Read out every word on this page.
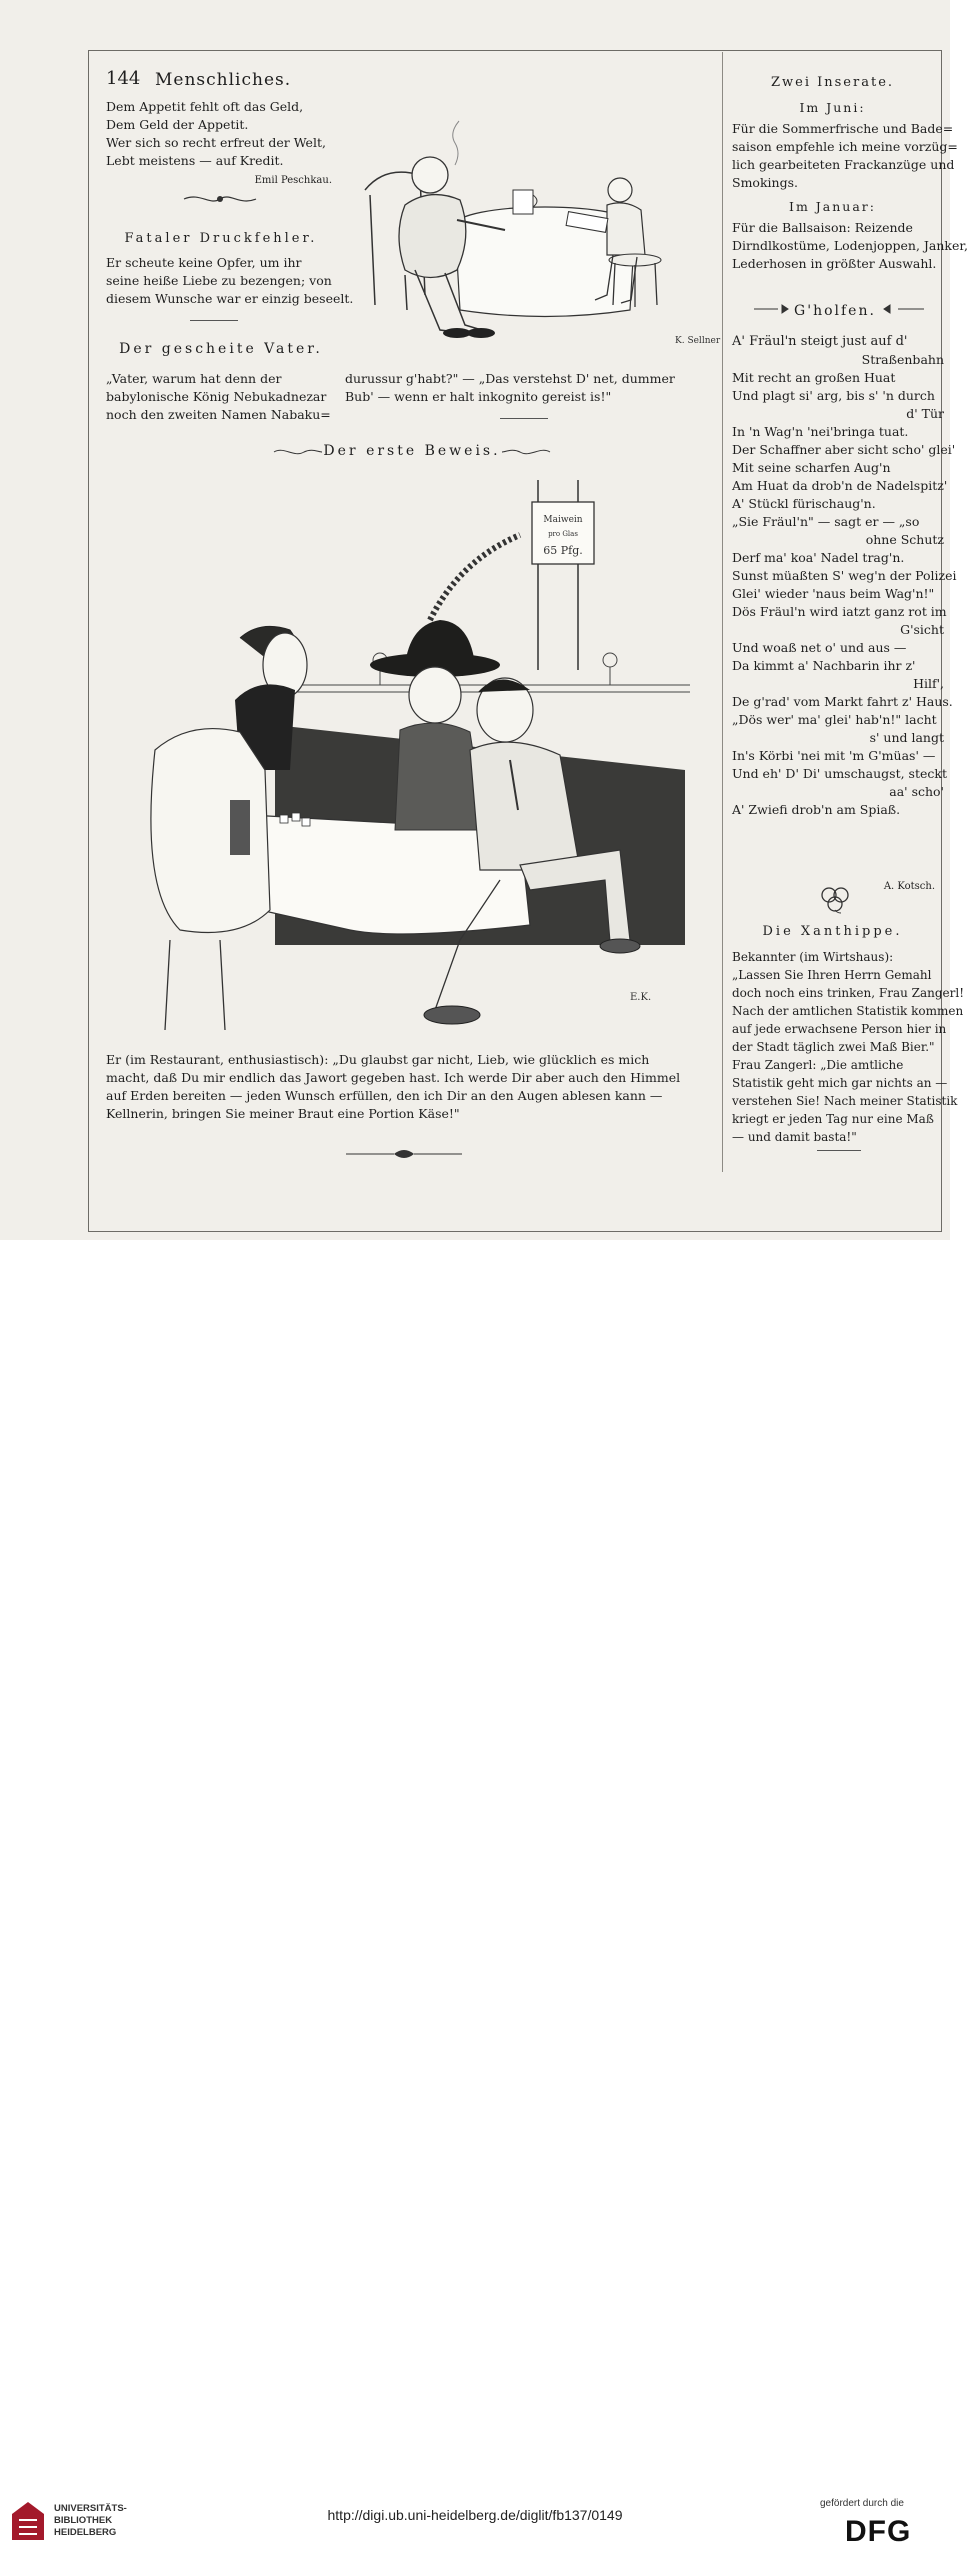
144 Menschliches.
Dem Appetit fehlt oft das Geld,
Dem Geld der Appetit.
Wer sich so recht erfreut der Welt,
Lebt meistens — auf Kredit.
Emil Peschkau.
Fataler Druckfehler.
Er scheute keine Opfer, um ihr
seine heiße Liebe zu bezengen; von
diesem Wunsche war er einzig beseelt.
Der gescheite Vater.
„Vater, warum hat denn der
babylonische König Nebukadnezar
noch den zweiten Namen Nabaku=
durussur g'habt?" — „Das verstehst D' net, dummer
Bub' — wenn er halt inkognito gereist is!"
K. Sellner
Der erste Beweis.
Maiwein
pro Glas
65 Pfg.
E.K.
Er (im Restaurant, enthusiastisch): „Du glaubst gar nicht, Lieb, wie glücklich es mich
macht, daß Du mir endlich das Jawort gegeben hast. Ich werde Dir aber auch den Himmel
auf Erden bereiten — jeden Wunsch erfüllen, den ich Dir an den Augen ablesen kann —
Kellnerin, bringen Sie meiner Braut eine Portion Käse!"
Zwei Inserate.
Im Juni:
Für die Sommerfrische und Bade=
saison empfehle ich meine vorzüg=
lich gearbeiteten Frackanzüge und
Smokings.
Im Januar:
Für die Ballsaison: Reizende
Dirndlkostüme, Lodenjoppen, Janker,
Lederhosen in größter Auswahl.
G'holfen.
A' Fräul'n steigt just auf d'
Straßenbahn
Mit recht an großen Huat
Und plagt si' arg, bis s' 'n durch
d' Tür
In 'n Wag'n 'nei'bringa tuat.
Der Schaffner aber sicht scho' glei'
Mit seine scharfen Aug'n
Am Huat da drob'n de Nadelspitz'
A' Stückl fürischaug'n.
„Sie Fräul'n" — sagt er — „so
ohne Schutz
Derf ma' koa' Nadel trag'n.
Sunst müaßten S' weg'n der Polizei
Glei' wieder 'naus beim Wag'n!"
Dös Fräul'n wird iatzt ganz rot im
G'sicht
Und woaß net o' und aus —
Da kimmt a' Nachbarin ihr z'
Hilf',
De g'rad' vom Markt fahrt z' Haus.
„Dös wer' ma' glei' hab'n!" lacht
s' und langt
In's Körbi 'nei mit 'm G'müas' —
Und eh' D' Di' umschaugst, steckt
aa' scho'
A' Zwiefi drob'n am Spiaß.
A. Kotsch.
Die Xanthippe.
Bekannter (im Wirtshaus):
„Lassen Sie Ihren Herrn Gemahl
doch noch eins trinken, Frau Zangerl!
Nach der amtlichen Statistik kommen
auf jede erwachsene Person hier in
der Stadt täglich zwei Maß Bier."
Frau Zangerl: „Die amtliche
Statistik geht mich gar nichts an —
verstehen Sie! Nach meiner Statistik
kriegt er jeden Tag nur eine Maß
— und damit basta!"
UNIVERSITÄTS-
BIBLIOTHEK
HEIDELBERG
http://digi.ub.uni-heidelberg.de/diglit/fb137/0149
gefördert durch die
DFG
